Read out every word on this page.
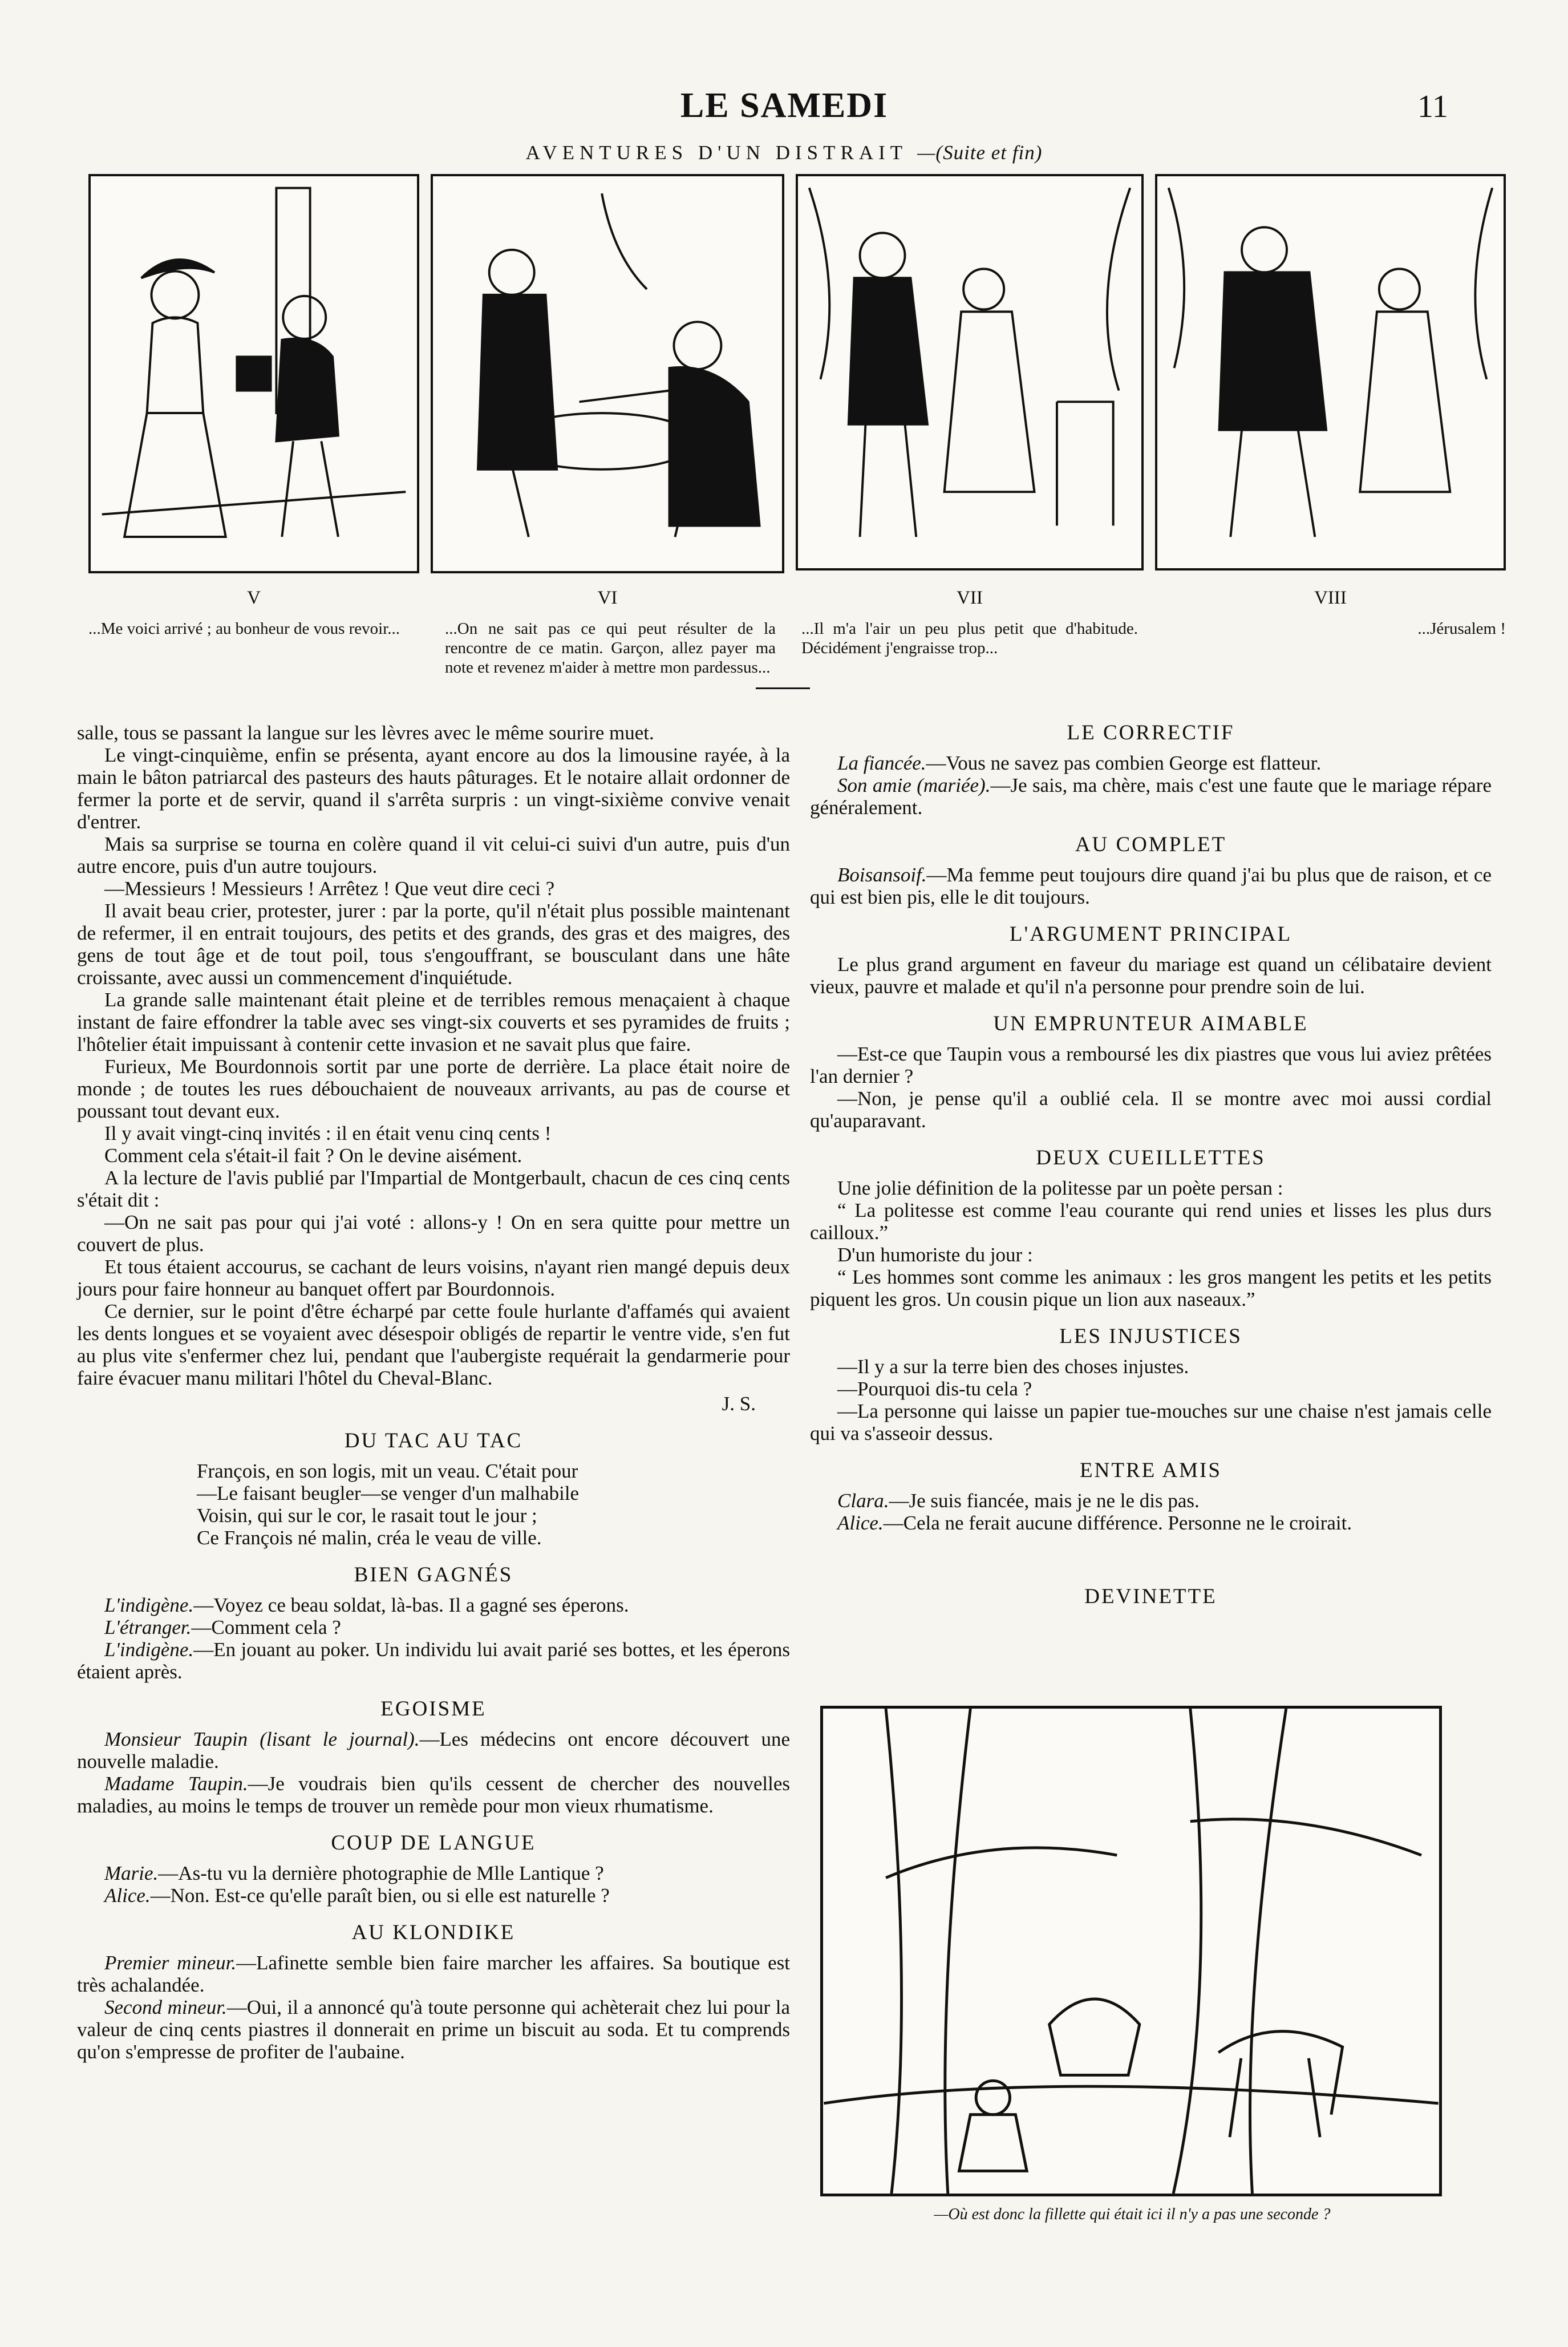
LE SAMEDI	11
AVENTURES D'UN DISTRAIT —(Suite et fin)
V	VI	VII	VIII
...Me voici arrivé ; au bonheur de vous revoir...	...On ne sait pas ce qui peut résulter de la rencontre de ce matin. Garçon, allez payer ma note et revenez m'aider à mettre mon pardessus...
...Il m'a l'air un peu plus petit que d'habitude. Décidément j'engraisse trop...
...Jérusalem !

salle, tous se passant la langue sur les lèvres avec le même sourire muet.

Le vingt-cinquième, enfin se présenta, ayant encore au dos la limousine rayée, à la main le bâton patriarcal des pasteurs des hauts pâturages. Et le notaire allait ordonner de fermer la porte et de servir, quand il s'arrêta surpris : un vingt-sixième convive venait d'entrer.

Mais sa surprise se tourna en colère quand il vit celui-ci suivi d'un autre, puis d'un autre encore, puis d'un autre toujours.

—Messieurs ! Messieurs ! Arrêtez ! Que veut dire ceci ?

Il avait beau crier, protester, jurer : par la porte, qu'il n'était plus possible maintenant de refermer, il en entrait toujours, des petits et des grands, des gras et des maigres, des gens de tout âge et de tout poil, tous s'engouffrant, se bousculant dans une hâte croissante, avec aussi un commencement d'inquiétude.

La grande salle maintenant était pleine et de terribles remous menaçaient à chaque instant de faire effondrer la table avec ses vingt-six couverts et ses pyramides de fruits ; l'hôtelier était impuissant à contenir cette invasion et ne savait plus que faire.

Furieux, Me Bourdonnois sortit par une porte de derrière. La place était noire de monde ; de toutes les rues débouchaient de nouveaux arrivants, au pas de course et poussant tout devant eux.

Il y avait vingt-cinq invités : il en était venu cinq cents !

Comment cela s'était-il fait ? On le devine aisément.

A la lecture de l'avis publié par l'Impartial de Montgerbault, chacun de ces cinq cents s'était dit :

—On ne sait pas pour qui j'ai voté : allons-y ! On en sera quitte pour mettre un couvert de plus.

Et tous étaient accourus, se cachant de leurs voisins, n'ayant rien mangé depuis deux jours pour faire honneur au banquet offert par Bourdonnois.

Ce dernier, sur le point d'être écharpé par cette foule hurlante d'affamés qui avaient les dents longues et se voyaient avec désespoir obligés de repartir le ventre vide, s'en fut au plus vite s'enfermer chez lui, pendant que l'aubergiste requérait la gendarmerie pour faire évacuer manu militari l'hôtel du Cheval-Blanc.

J. S.
DU TAC AU TAC

François, en son logis, mit un veau. C'était pour

—Le faisant beugler—se venger d'un malhabile

Voisin, qui sur le cor, le rasait tout le jour ;

Ce François né malin, créa le veau de ville.

BIEN GAGNÉS

L'indigène.—Voyez ce beau soldat, là-bas. Il a gagné ses éperons.

L'étranger.—Comment cela ?

L'indigène.—En jouant au poker. Un individu lui avait parié ses bottes, et les éperons étaient après.

EGOISME

Monsieur Taupin (lisant le journal).—Les médecins ont encore découvert une nouvelle maladie.

Madame Taupin.—Je voudrais bien qu'ils cessent de chercher des nouvelles maladies, au moins le temps de trouver un remède pour mon vieux rhumatisme.

COUP DE LANGUE

Marie.—As-tu vu la dernière photographie de Mlle Lantique ?

Alice.—Non. Est-ce qu'elle paraît bien, ou si elle est naturelle ?

AU KLONDIKE

Premier mineur.—Lafinette semble bien faire marcher les affaires. Sa boutique est très achalandée.

Second mineur.—Oui, il a annoncé qu'à toute personne qui achèterait chez lui pour la valeur de cinq cents piastres il donnerait en prime un biscuit au soda. Et tu comprends qu'on s'empresse de profiter de l'aubaine.

LE CORRECTIF

La fiancée.—Vous ne savez pas combien George est flatteur.

Son amie (mariée).—Je sais, ma chère, mais c'est une faute que le mariage répare généralement.

AU COMPLET

Boisansoif.—Ma femme peut toujours dire quand j'ai bu plus que de raison, et ce qui est bien pis, elle le dit toujours.

L'ARGUMENT PRINCIPAL

Le plus grand argument en faveur du mariage est quand un célibataire devient vieux, pauvre et malade et qu'il n'a personne pour prendre soin de lui.

UN EMPRUNTEUR AIMABLE

—Est-ce que Taupin vous a remboursé les dix piastres que vous lui aviez prêtées l'an dernier ?

—Non, je pense qu'il a oublié cela. Il se montre avec moi aussi cordial qu'auparavant.

DEUX CUEILLETTES

Une jolie définition de la politesse par un poète persan :

“ La politesse est comme l'eau courante qui rend unies et lisses les plus durs cailloux.”

D'un humoriste du jour :

“ Les hommes sont comme les animaux : les gros mangent les petits et les petits piquent les gros. Un cousin pique un lion aux naseaux.”

LES INJUSTICES

—Il y a sur la terre bien des choses injustes.

—Pourquoi dis-tu cela ?

—La personne qui laisse un papier tue-mouches sur une chaise n'est jamais celle qui va s'asseoir dessus.

ENTRE AMIS

Clara.—Je suis fiancée, mais je ne le dis pas.

Alice.—Cela ne ferait aucune différence. Personne ne le croirait.

DEVINETTE
—Où est donc la fillette qui était ici il n'y a pas une seconde ?
